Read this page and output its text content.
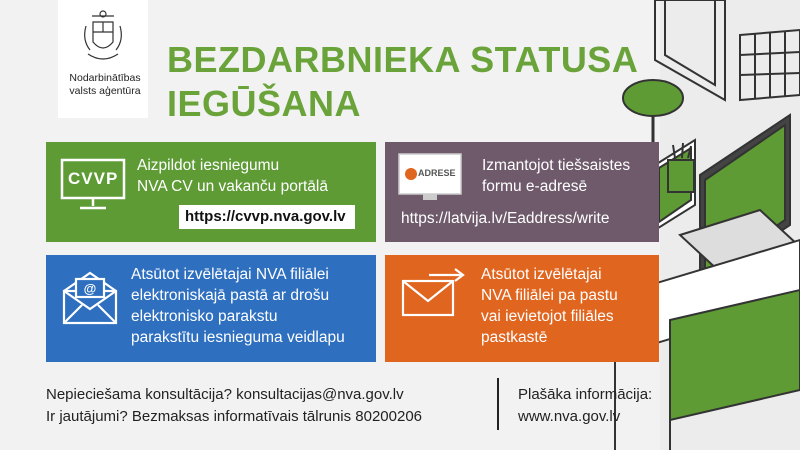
Nodarbinātības
valsts aģentūra
BEZDARBNIEKA STATUSA
IEGŪŠANA
CVVP
Aizpildot iesniegumu
NVA CV un vakanču portālā
https://cvvp.nva.gov.lv
ADRESE Izmantojot tiešsaistes
formu e-adresē
https://latvija.lv/Eaddress/write
@
Atsūtot izvēlētajai NVA filiālei
elektroniskajā pastā ar drošu
elektronisko parakstu
parakstītu iesnieguma veidlapu
Atsūtot izvēlētajai
NVA filiālei pa pastu
vai ievietojot filiāles
pastkastē
Nepieciešama konsultācija? konsultacijas@nva.gov.lv
Ir jautājumi? Bezmaksas informatīvais tālrunis 80200206
Plašāka informācija:
www.nva.gov.lv
